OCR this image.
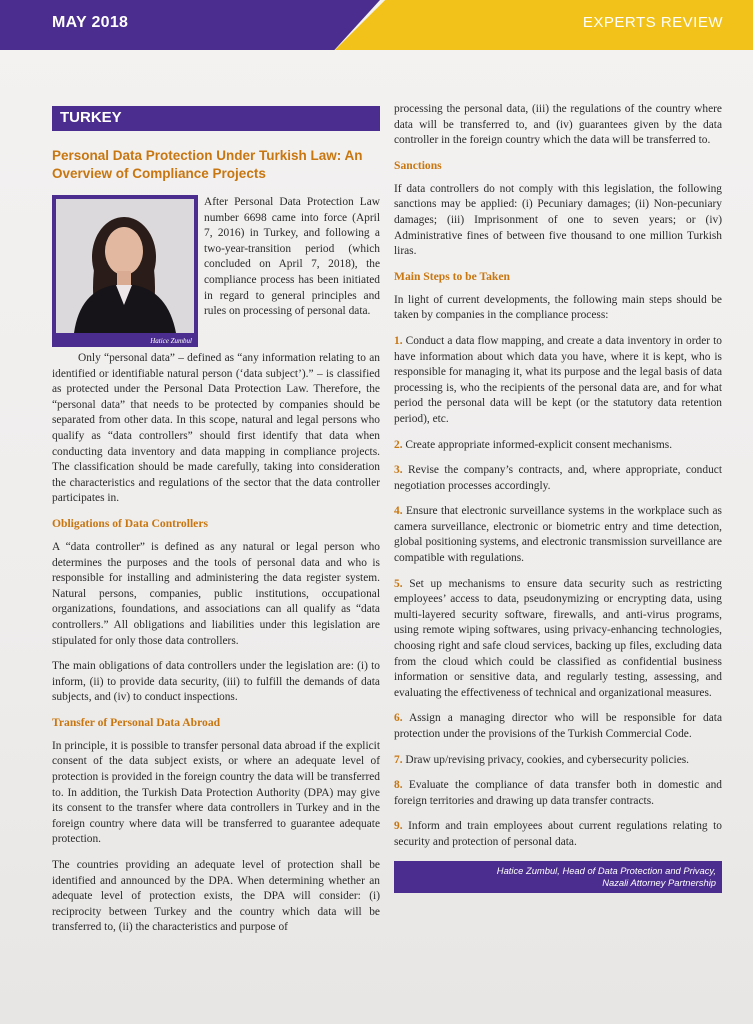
MAY 2018	EXPERTS REVIEW
TURKEY
Personal Data Protection Under Turkish Law: An Overview of Compliance Projects
Hatice Zumbul

After Personal Data Protection Law number 6698 came into force (April 7, 2016) in Turkey, and following a two-year-transition period (which concluded on April 7, 2018), the compliance process has been initiated in regard to general principles and rules on processing of personal data.

Only “personal data” – defined as “any information relating to an identified or identifiable natural person (‘data subject’).” – is classified as protected under the Personal Data Protection Law. Therefore, the “personal data” that needs to be protected by companies should be separated from other data. In this scope, natural and legal persons who qualify as “data controllers” should first identify that data when conducting data inventory and data mapping in compliance projects. The classification should be made carefully, taking into consideration the characteristics and regulations of the sector that the data controller participates in.

Obligations of Data Controllers

A “data controller” is defined as any natural or legal person who determines the purposes and the tools of personal data and who is responsible for installing and administering the data register system. Natural persons, companies, public institutions, occupational organizations, foundations, and associations can all qualify as “data controllers.” All obligations and liabilities under this legislation are stipulated for only those data controllers.

The main obligations of data controllers under the legislation are: (i) to inform, (ii) to provide data security, (iii) to fulfill the demands of data subjects, and (iv) to conduct inspections.

Transfer of Personal Data Abroad

In principle, it is possible to transfer personal data abroad if the explicit consent of the data subject exists, or where an adequate level of protection is provided in the foreign country the data will be transferred to. In addition, the Turkish Data Protection Authority (DPA) may give its consent to the transfer where data controllers in Turkey and in the foreign country where data will be transferred to guarantee adequate protection.

The countries providing an adequate level of protection shall be identified and announced by the DPA. When determining whether an adequate level of protection exists, the DPA will consider: (i) reciprocity between Turkey and the country which data will be transferred to, (ii) the characteristics and purpose of

processing the personal data, (iii) the regulations of the country where data will be transferred to, and (iv) guarantees given by the data controller in the foreign country which the data will be transferred to.

Sanctions

If data controllers do not comply with this legislation, the following sanctions may be applied: (i) Pecuniary damages; (ii) Non-pecuniary damages; (iii) Imprisonment of one to seven years; or (iv) Administrative fines of between five thousand to one million Turkish liras.

Main Steps to be Taken

In light of current developments, the following main steps should be taken by companies in the compliance process:

1. Conduct a data flow mapping, and create a data inventory in order to have information about which data you have, where it is kept, who is responsible for managing it, what its purpose and the legal basis of data processing is, who the recipients of the personal data are, and for what period the personal data will be kept (or the statutory data retention period), etc.

2. Create appropriate informed-explicit consent mechanisms.

3. Revise the company’s contracts, and, where appropriate, conduct negotiation processes accordingly.

4. Ensure that electronic surveillance systems in the workplace such as camera surveillance, electronic or biometric entry and time detection, global positioning systems, and electronic transmission surveillance are compatible with regulations.

5. Set up mechanisms to ensure data security such as restricting employees’ access to data, pseudonymizing or encrypting data, using multi-layered security software, firewalls, and anti-virus programs, using remote wiping softwares, using privacy-enhancing technologies, choosing right and safe cloud services, backing up files, excluding data from the cloud which could be classified as confidential business information or sensitive data, and regularly testing, assessing, and evaluating the effectiveness of technical and organizational measures.

6. Assign a managing director who will be responsible for data protection under the provisions of the Turkish Commercial Code.

7. Draw up/revising privacy, cookies, and cybersecurity policies.

8. Evaluate the compliance of data transfer both in domestic and foreign territories and drawing up data transfer contracts.

9. Inform and train employees about current regulations relating to security and protection of personal data.

Hatice Zumbul, Head of Data Protection and Privacy,
Nazali Attorney Partnership
